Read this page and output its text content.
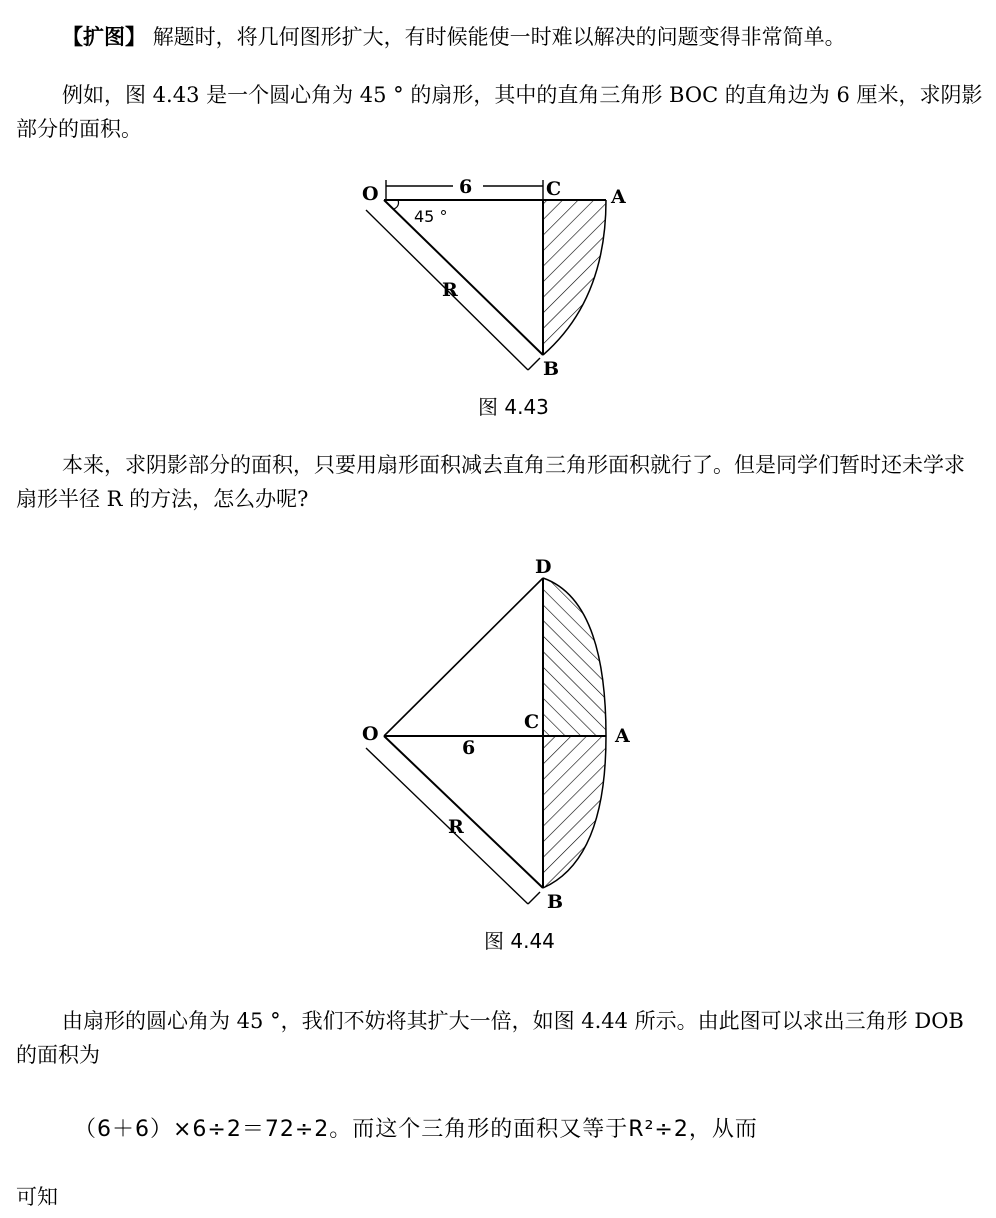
【扩图】 解题时，将几何图形扩大，有时候能使一时难以解决的问题变得非常简单。

例如，图 4.43 是一个圆心角为 45 ° 的扇形，其中的直角三角形 BOC 的直角边为 6 厘米，求阴影部分的面积。

O	C	A
B
R
6
45 °
图 4.43

本来，求阴影部分的面积，只要用扇形面积减去直角三角形面积就行了。但是同学们暂时还未学求扇形半径 R 的方法，怎么办呢?

D
O
C
A
B
R
6
图 4.44

由扇形的圆心角为 45 °，我们不妨将其扩大一倍，如图 4.44 所示。由此图可以求出三角形 DOB 的面积为

（6＋6）×6÷2＝72÷2。而这个三角形的面积又等于R²÷2，从而

可知
